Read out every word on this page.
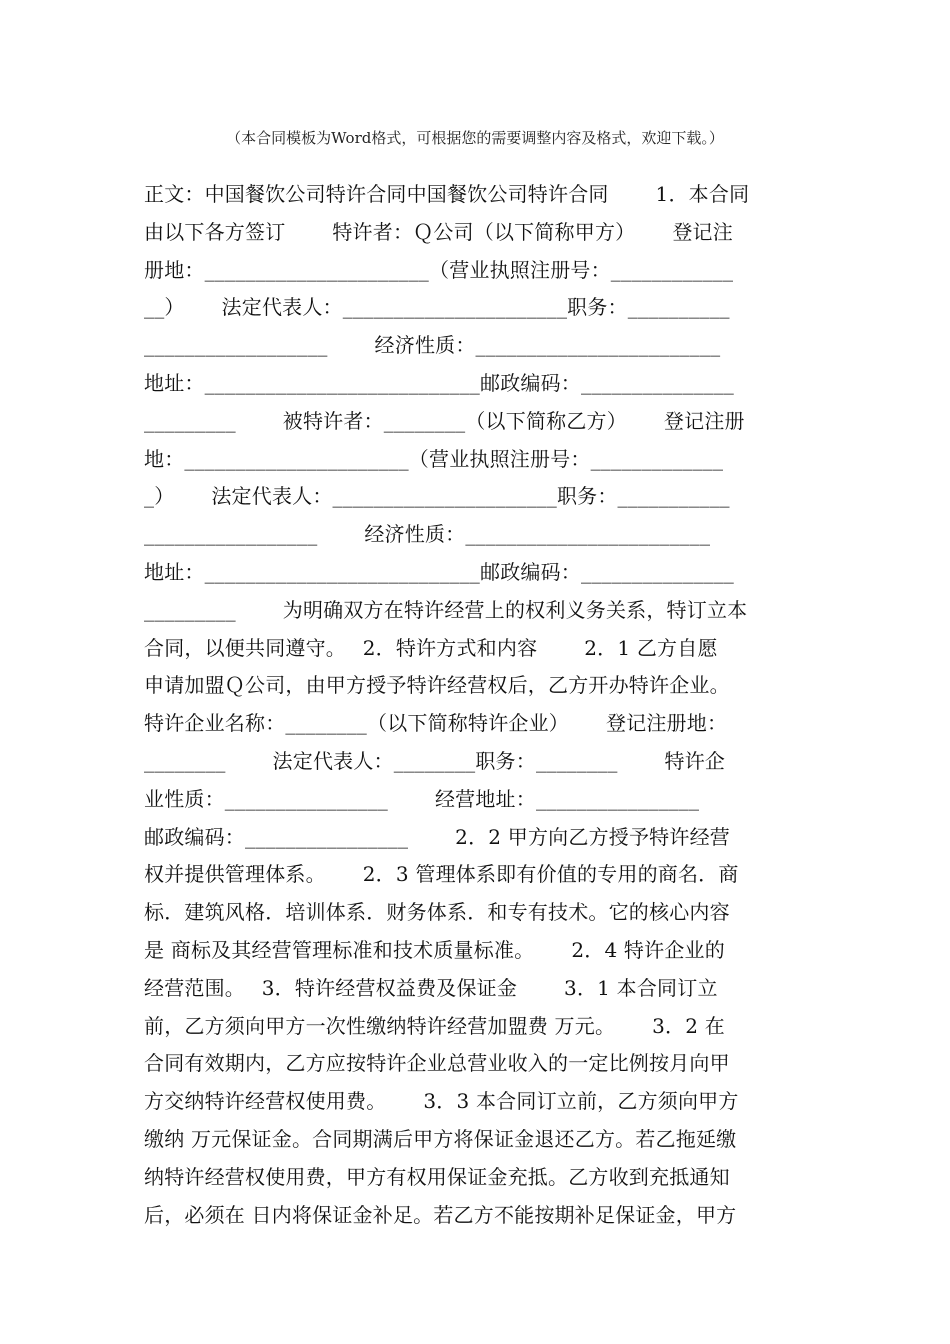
（本合同模板为Word格式，可根据您的需要调整内容及格式，欢迎下载。）
正文：中国餐饮公司特许合同中国餐饮公司特许合同　　 1．本合同
由以下各方签订　　 特许者：Ｑ公司（以下简称甲方）　　 登记注
册地：______________________（营业执照注册号：____________
__）　　 法定代表人：______________________职务：__________
__________________　　 经济性质：________________________
地址：___________________________邮政编码：_______________
_________　　 被特许者：________（以下简称乙方）　　 登记注册
地：______________________（营业执照注册号：_____________
_）　　 法定代表人：______________________职务：___________
_________________　　 经济性质：________________________
地址：___________________________邮政编码：_______________
_________　　 为明确双方在特许经营上的权利义务关系，特订立本
合同，以便共同遵守。　 2．特许方式和内容　　 2．1 乙方自愿
申请加盟Ｑ公司，由甲方授予特许经营权后，乙方开办特许企业。
特许企业名称：________（以下简称特许企业）　　 登记注册地：
________　　 法定代表人：________职务：________　　 特许企
业性质：________________　　 经营地址：________________
邮政编码：________________　　 2．2 甲方向乙方授予特许经营
权并提供管理体系。　　 2．3 管理体系即有价值的专用的商名．商
标．建筑风格．培训体系．财务体系．和专有技术。它的核心内容
是 商标及其经营管理标准和技术质量标准。　　 2．4 特许企业的
经营范围。　 3．特许经营权益费及保证金　　 3．1 本合同订立
前，乙方须向甲方一次性缴纳特许经营加盟费 万元。　　 3．2 在
合同有效期内，乙方应按特许企业总营业收入的一定比例按月向甲
方交纳特许经营权使用费。　　 3．3 本合同订立前，乙方须向甲方
缴纳 万元保证金。合同期满后甲方将保证金退还乙方。若乙拖延缴
纳特许经营权使用费，甲方有权用保证金充抵。乙方收到充抵通知
后，必须在 日内将保证金补足。若乙方不能按期补足保证金，甲方
